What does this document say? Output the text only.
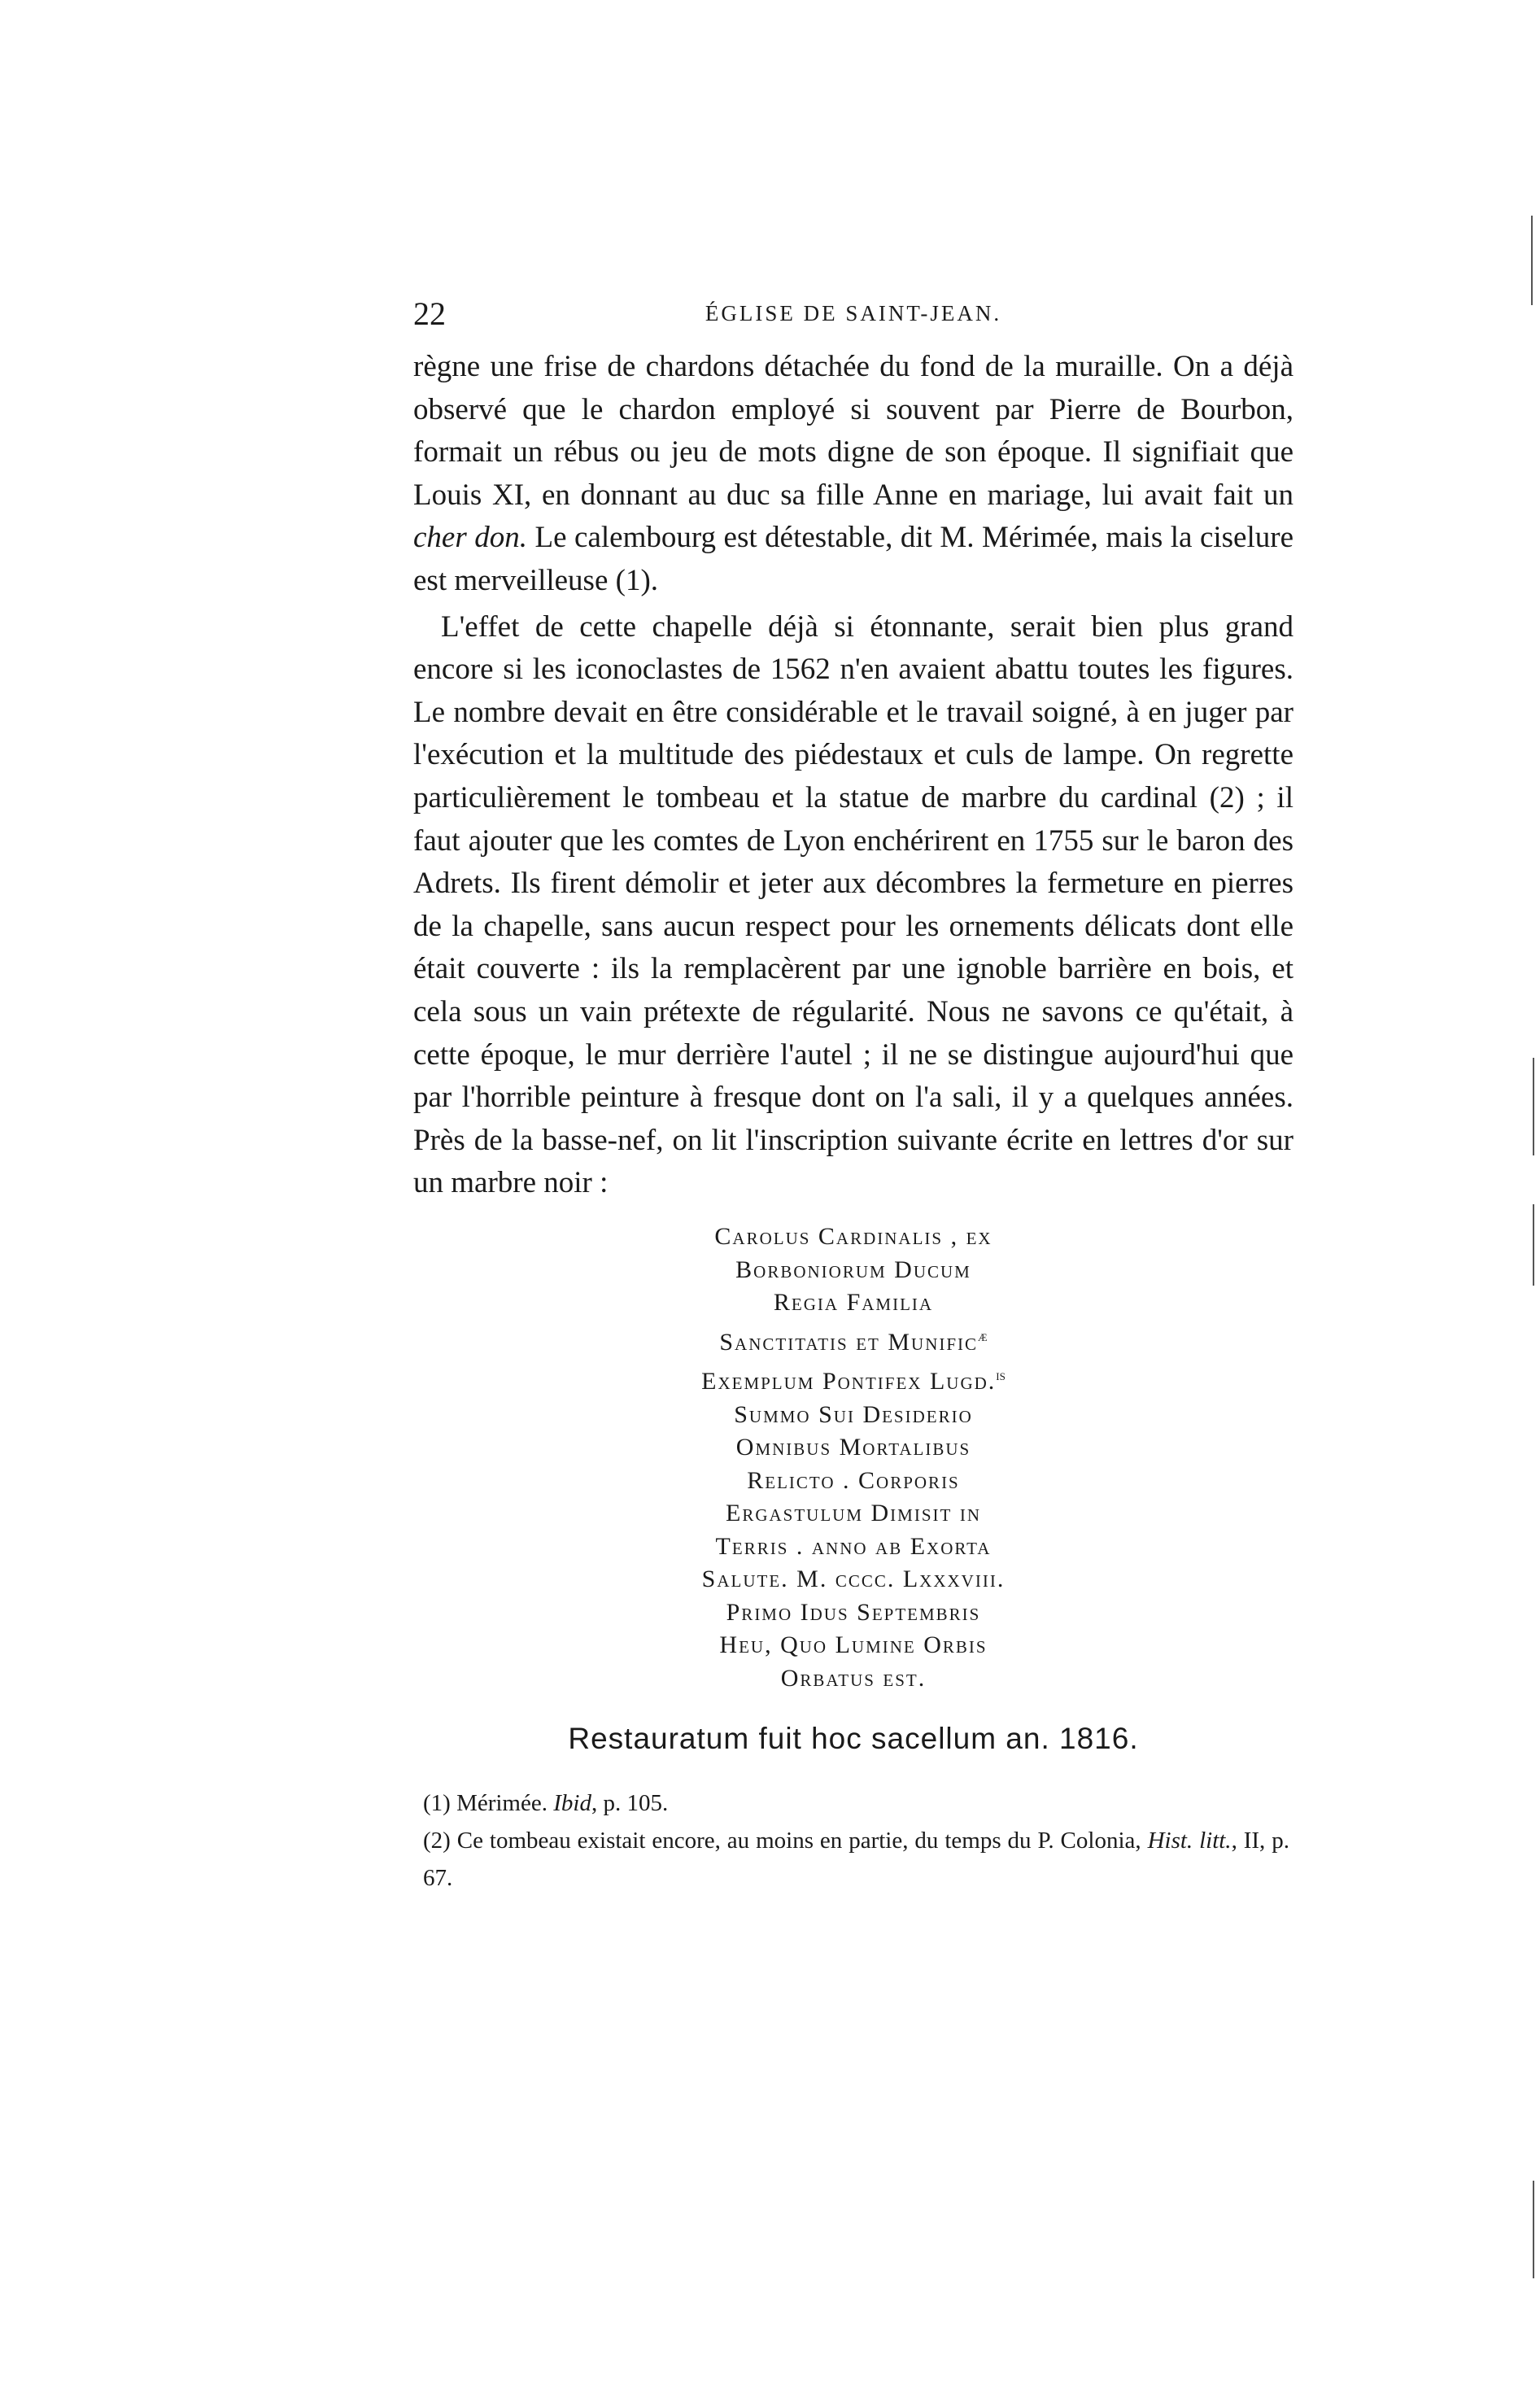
22	ÉGLISE DE SAINT-JEAN.

règne une frise de chardons détachée du fond de la muraille. On a déjà observé que le chardon employé si souvent par Pierre de Bourbon, formait un rébus ou jeu de mots digne de son époque. Il signifiait que Louis XI, en donnant au duc sa fille Anne en mariage, lui avait fait un cher don. Le calembourg est détestable, dit M. Mérimée, mais la ciselure est merveilleuse (1).

L'effet de cette chapelle déjà si étonnante, serait bien plus grand encore si les iconoclastes de 1562 n'en avaient abattu toutes les figures. Le nombre devait en être considérable et le travail soigné, à en juger par l'exécution et la multitude des piédestaux et culs de lampe. On regrette particulièrement le tombeau et la statue de marbre du cardinal (2) ; il faut ajouter que les comtes de Lyon enchérirent en 1755 sur le baron des Adrets. Ils firent démolir et jeter aux décombres la fermeture en pierres de la chapelle, sans aucun respect pour les ornements délicats dont elle était couverte : ils la remplacèrent par une ignoble barrière en bois, et cela sous un vain prétexte de régularité. Nous ne savons ce qu'était, à cette époque, le mur derrière l'autel ; il ne se distingue aujourd'hui que par l'horrible peinture à fresque dont on l'a sali, il y a quelques années. Près de la basse-nef, on lit l'inscription suivante écrite en lettres d'or sur un marbre noir :

Carolus Cardinalis , ex
Borboniorum Ducum
Regia Familia
Sanctitatis et Munific$^æ$
Exemplum Pontifex Lugd.$^{is}$
Summo Sui Desiderio
Omnibus Mortalibus
Relicto . Corporis
Ergastulum Dimisit in
Terris . anno ab Exorta
Salute. M. cccc. Lxxxviii.
Primo Idus Septembris
Heu, Quo Lumine Orbis
Orbatus est.
Restauratum fuit hoc sacellum an. 1816.

(1) Mérimée. Ibid, p. 105.

(2) Ce tombeau existait encore, au moins en partie, du temps du P. Colonia, Hist. litt., II, p. 67.
